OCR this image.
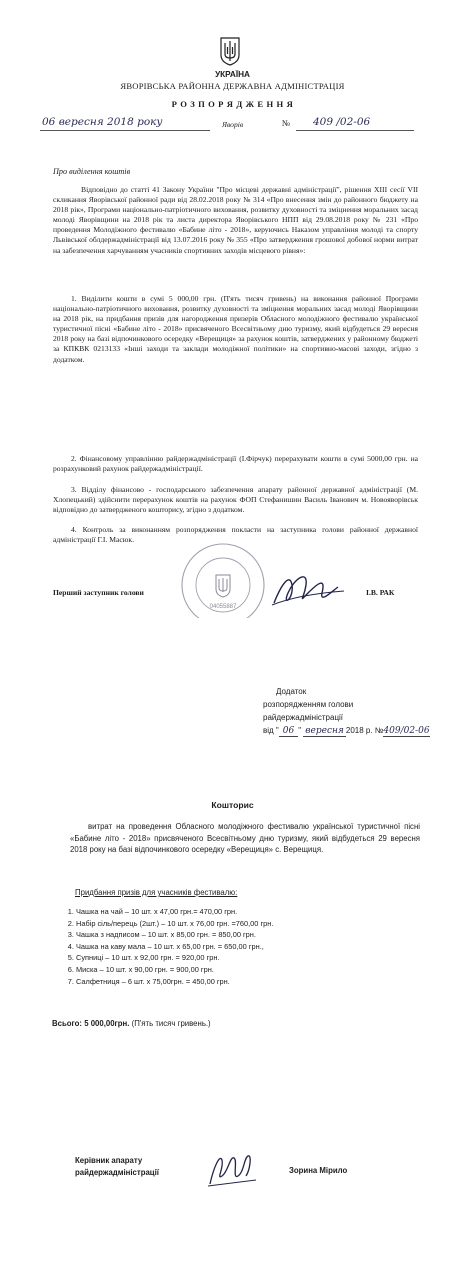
УКРАЇНА
ЯВОРІВСЬКА РАЙОННА ДЕРЖАВНА АДМІНІСТРАЦІЯ
Р О З П О Р Я Д Ж Е Н Н Я
06 вересня 2018 року	Яворів	№ 409 /02-06
Про виділення коштів
Відповідно до статті 41 Закону України "Про місцеві державні адміністрації", рішення XIII сесії VII скликання Яворівської районної ради від 28.02.2018 року № 314 «Про внесення змін до районного бюджету на 2018 рік», Програми національно-патріотичного виховання, розвитку духовності та зміцнення моральних засад молоді Яворівщини на 2018 рік та листа директора Яворівського НПП від 29.08.2018 року № 231 «Про проведення Молодіжного фестивалю «Бабине літо - 2018», керуючись Наказом управління молоді та спорту Львівської облдержадміністрації від 13.07.2016 року № 355 «Про затвердження грошової добової норми витрат на забезпечення харчуванням учасників спортивних заходів місцевого рівня»:
1. Виділити кошти в сумі 5 000,00 грн. (П'ять тисяч гривень) на виконання районної Програми національно-патріотичного виховання, розвитку духовності та зміцнення моральних засад молоді Яворівщини на 2018 рік, на придбання призів для нагородження призерів Обласного молодіжного фестивалю української туристичної пісні «Бабине літо - 2018» присвяченого Всесвітньому дню туризму, який відбудеться 29 вересня 2018 року на базі відпочинкового осередку «Верещиця» за рахунок коштів, затверджених у районному бюджеті за КПКВК 0213133 «Інші заходи та заклади молодіжної політики» на спортивно-масові заходи, згідно з додатком.
2. Фінансовому управлінню райдержадміністрації (І.Фірчук) перерахувати кошти в сумі 5000,00 грн. на розрахунковий рахунок райдержадміністрації.
3. Відділу фінансово - господарського забезпечення апарату районної державної адміністрації (М. Хлопецький) здійснити перерахунок коштів на рахунок ФОП Стефанишин Василь Іванович м. Новояворівськ відповідно до затвердженого кошторису, згідно з додатком.
4. Контроль за виконанням розпорядження покласти на заступника голови районної державної адміністрації Г.І. Масюк.
Перший заступник голови	І.В. РАК
04055887
Додаток
розпорядженням голови
райдержадміністрації
від " 06 " вересня 2018 р. №409/02-06
Кошторис
витрат на проведення Обласного молодіжного фестивалю української туристичної пісні «Бабине літо - 2018» присвяченого Всесвітньому дню туризму, який відбудеться 29 вересня 2018 року на базі відпочинкового осередку «Верещиця» с. Верещиця.
Придбання призів для учасників фестивалю:
1. Чашка на чай – 10 шт. х 47,00 грн.= 470,00 грн.
2. Набір сіль/перець (2шт.) – 10 шт. х 76,00 грн. =760,00 грн.
3. Чашка з надписом – 10 шт. х 85,00 грн. = 850,00 грн.
4. Чашка на каву мала – 10 шт. х 65,00 грн. = 650,00 грн.,
5. Супниці – 10 шт. х 92,00 грн. = 920,00 грн.
6. Миска – 10 шт. х 90,00 грн. = 900,00 грн.
7. Салфетниця – 6 шт. х 75,00грн. = 450,00 грн.
Всього: 5 000,00грн. (П'ять тисяч гривень.)
Керівник апарату
райдержадміністрації	Зорина Мірило
